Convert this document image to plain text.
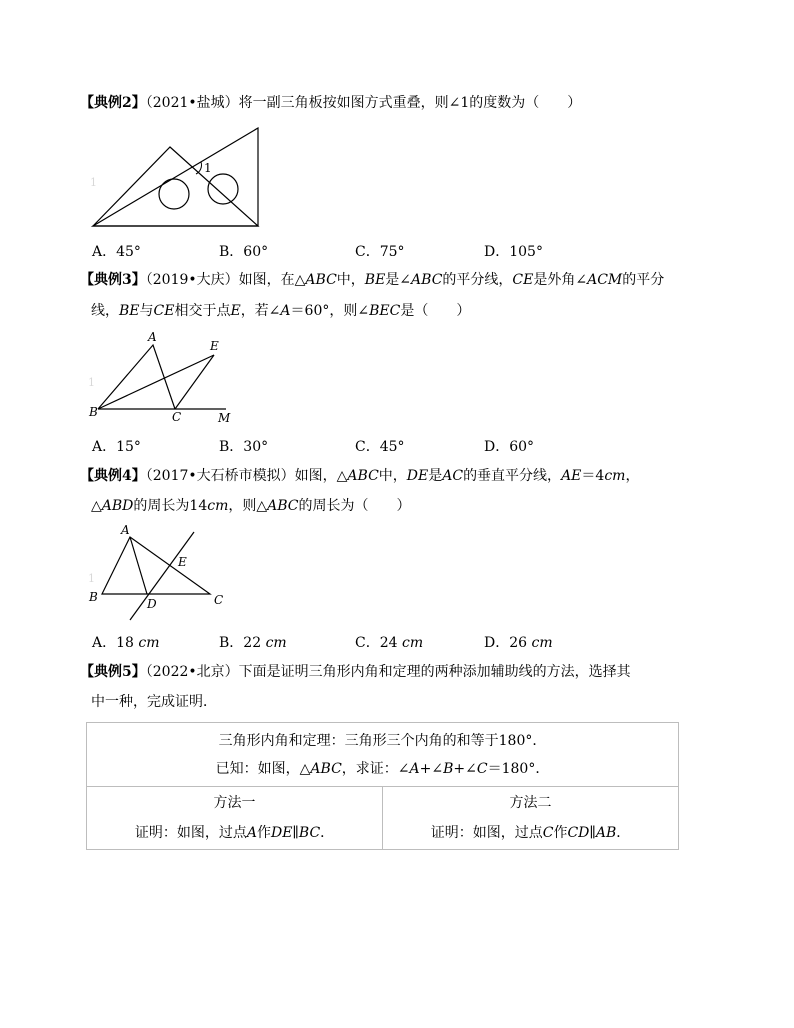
【典例2】（2021•盐城）将一副三角板按如图方式重叠，则∠1的度数为（　　）
1
1
A．45°	B．60°	C．75°	D．105°
【典例3】（2019•大庆）如图，在△ABC中，BE是∠ABC的平分线，CE是外角∠ACM的平分
线，BE与CE相交于点E，若∠A＝60°，则∠BEC是（　　）
1
A
B	C
E
M
A．15°	B．30°	C．45°	D．60°
【典例4】（2017•大石桥市模拟）如图，△ABC中，DE是AC的垂直平分线，AE＝4cm，
△ABD的周长为14cm，则△ABC的周长为（　　）
1
A
B	C
D
E
A．18 cm	B．22 cm	C．24 cm	D．26 cm
【典例5】（2022•北京）下面是证明三角形内角和定理的两种添加辅助线的方法，选择其
中一种，完成证明．
三角形内角和定理：三角形三个内角的和等于180°．
已知：如图，△ABC，求证：∠A+∠B+∠C＝180°．

方法一
证明：如图，过点A作DE∥BC．

方法二
证明：如图，过点C作CD∥AB．
